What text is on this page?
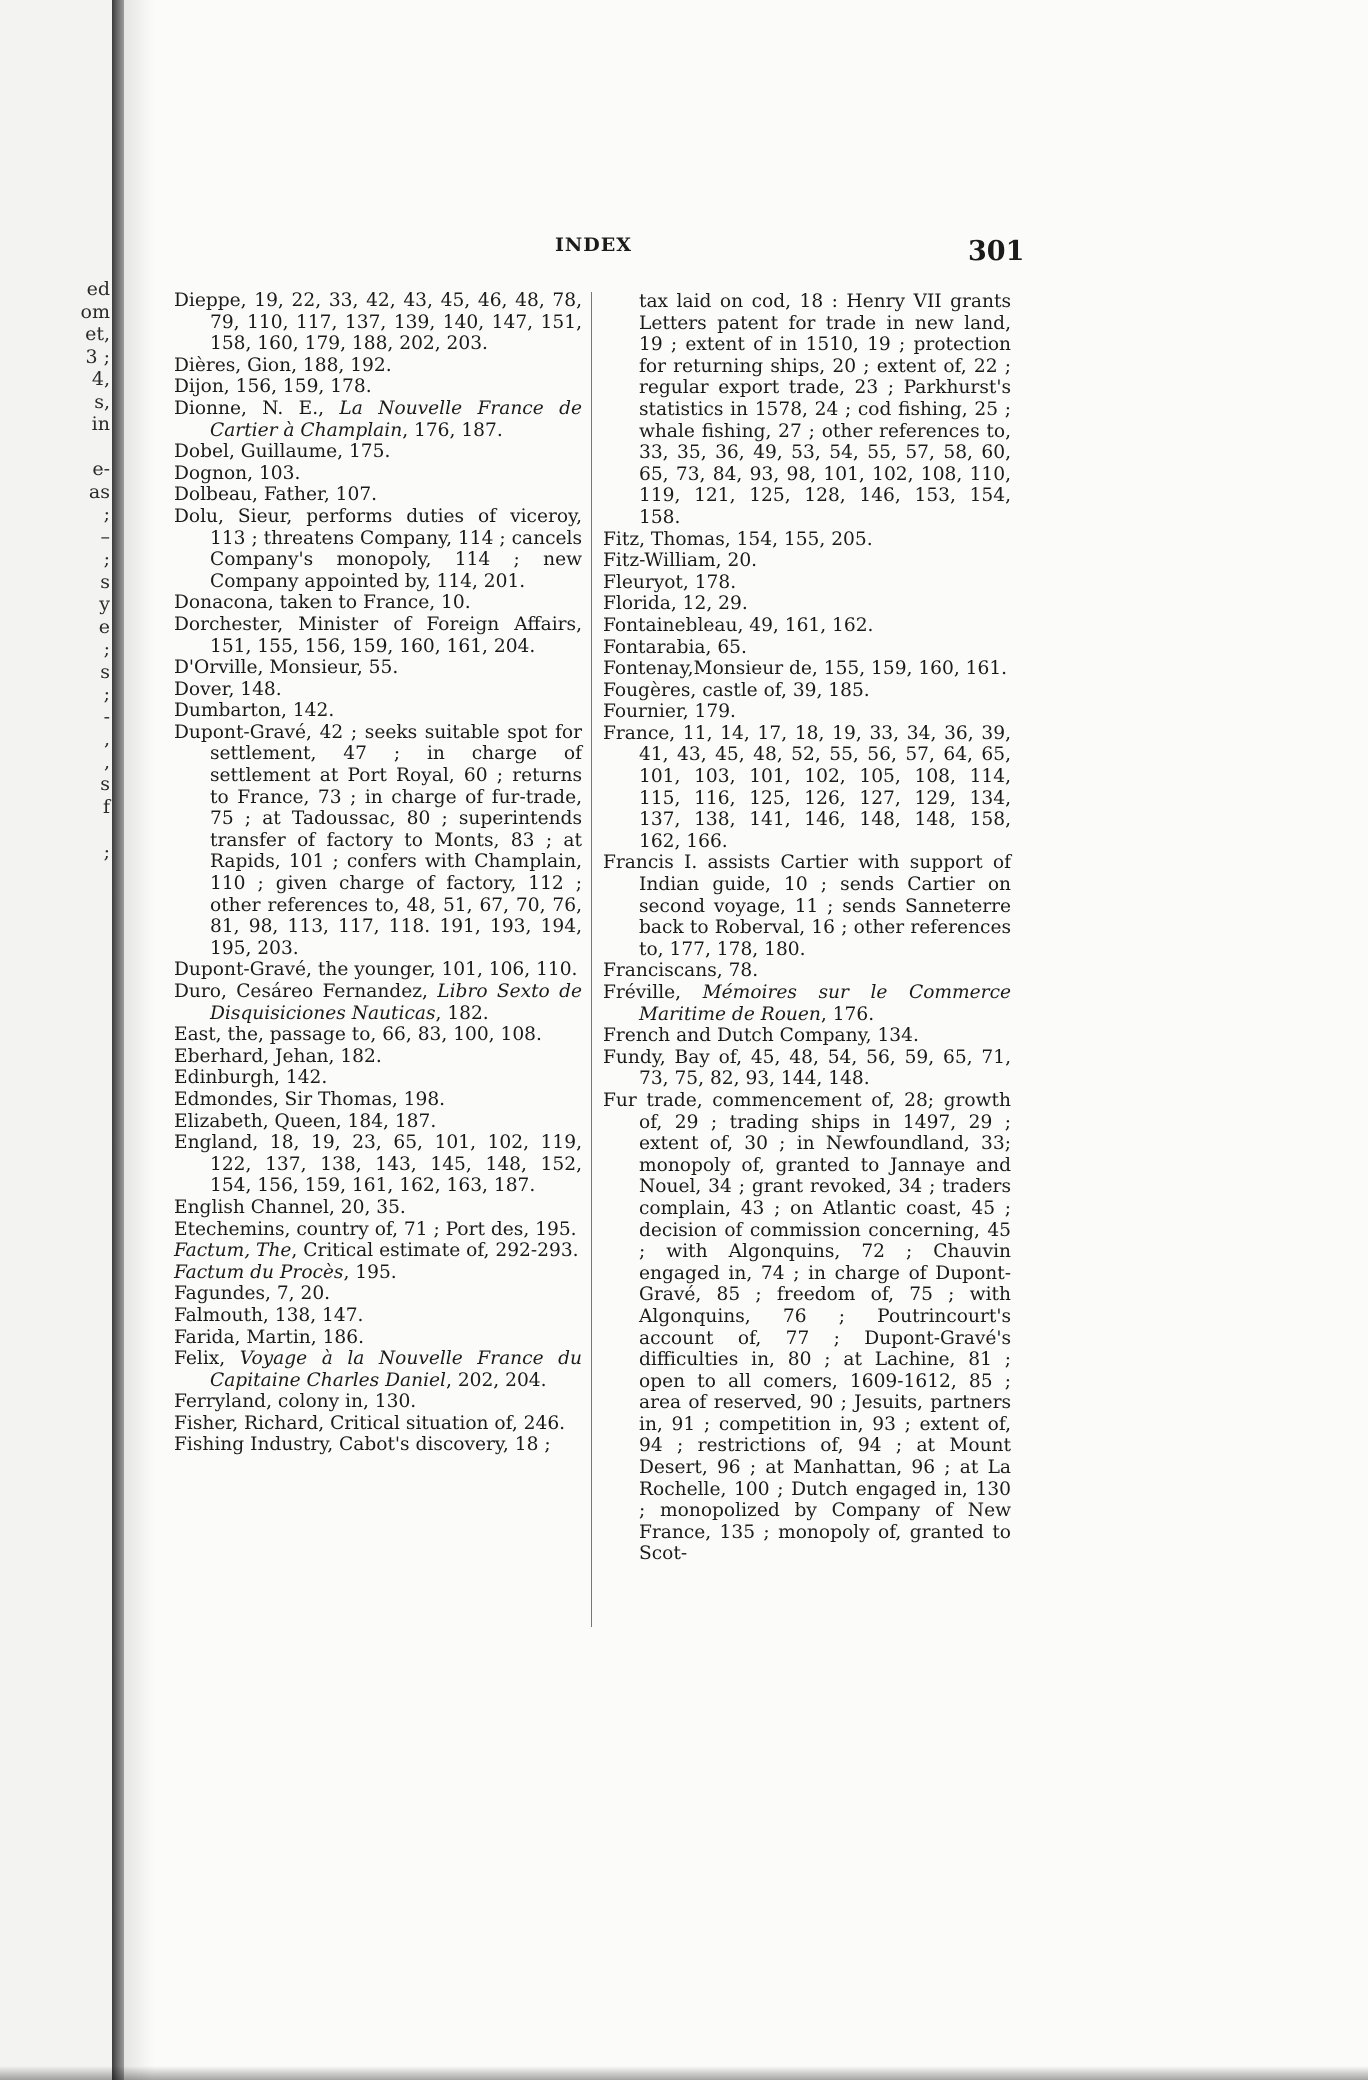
ed
om
et,
3 ;
4,
s,
in
e-
as
;
–
;
s
y
e
;
s
;
-
,
,
s
f
;
INDEX	301
Dieppe, 19, 22, 33, 42, 43, 45, 46, 48, 78, 79, 110, 117, 137, 139, 140, 147, 151, 158, 160, 179, 188, 202, 203.
Dières, Gion, 188, 192.
Dijon, 156, 159, 178.
Dionne, N. E., La Nouvelle France de Cartier à Champlain, 176, 187.
Dobel, Guillaume, 175.
Dognon, 103.
Dolbeau, Father, 107.
Dolu, Sieur, performs duties of viceroy, 113 ; threatens Company, 114 ; cancels Company's monopoly, 114 ; new Company appointed by, 114, 201.
Donacona, taken to France, 10.
Dorchester, Minister of Foreign Affairs, 151, 155, 156, 159, 160, 161, 204.
D'Orville, Monsieur, 55.
Dover, 148.
Dumbarton, 142.
Dupont-Gravé, 42 ; seeks suitable spot for settlement, 47 ; in charge of settlement at Port Royal, 60 ; returns to France, 73 ; in charge of fur-trade, 75 ; at Tadoussac, 80 ; superintends transfer of factory to Monts, 83 ; at Rapids, 101 ; confers with Champlain, 110 ; given charge of factory, 112 ; other references to, 48, 51, 67, 70, 76, 81, 98, 113, 117, 118. 191, 193, 194, 195, 203.
Dupont-Gravé, the younger, 101, 106, 110.
Duro, Cesáreo Fernandez, Libro Sexto de Disquisiciones Nauticas, 182.
East, the, passage to, 66, 83, 100, 108.
Eberhard, Jehan, 182.
Edinburgh, 142.
Edmondes, Sir Thomas, 198.
Elizabeth, Queen, 184, 187.
England, 18, 19, 23, 65, 101, 102, 119, 122, 137, 138, 143, 145, 148, 152, 154, 156, 159, 161, 162, 163, 187.
English Channel, 20, 35.
Etechemins, country of, 71 ; Port des, 195.
Factum, The, Critical estimate of, 292-293.
Factum du Procès, 195.
Fagundes, 7, 20.
Falmouth, 138, 147.
Farida, Martin, 186.
Felix, Voyage à la Nouvelle France du Capitaine Charles Daniel, 202, 204.
Ferryland, colony in, 130.
Fisher, Richard, Critical situation of, 246.
Fishing Industry, Cabot's discovery, 18 ;
tax laid on cod, 18 : Henry VII grants Letters patent for trade in new land, 19 ; extent of in 1510, 19 ; protection for returning ships, 20 ; extent of, 22 ; regular export trade, 23 ; Parkhurst's statistics in 1578, 24 ; cod fishing, 25 ; whale fishing, 27 ; other references to, 33, 35, 36, 49, 53, 54, 55, 57, 58, 60, 65, 73, 84, 93, 98, 101, 102, 108, 110, 119, 121, 125, 128, 146, 153, 154, 158.
Fitz, Thomas, 154, 155, 205.
Fitz-William, 20.
Fleuryot, 178.
Florida, 12, 29.
Fontainebleau, 49, 161, 162.
Fontarabia, 65.
Fontenay,Monsieur de, 155, 159, 160, 161.
Fougères, castle of, 39, 185.
Fournier, 179.
France, 11, 14, 17, 18, 19, 33, 34, 36, 39, 41, 43, 45, 48, 52, 55, 56, 57, 64, 65, 101, 103, 101, 102, 105, 108, 114, 115, 116, 125, 126, 127, 129, 134, 137, 138, 141, 146, 148, 148, 158, 162, 166.
Francis I. assists Cartier with support of Indian guide, 10 ; sends Cartier on second voyage, 11 ; sends Sanneterre back to Roberval, 16 ; other references to, 177, 178, 180.
Franciscans, 78.
Fréville, Mémoires sur le Commerce Maritime de Rouen, 176.
French and Dutch Company, 134.
Fundy, Bay of, 45, 48, 54, 56, 59, 65, 71, 73, 75, 82, 93, 144, 148.
Fur trade, commencement of, 28; growth of, 29 ; trading ships in 1497, 29 ; extent of, 30 ; in Newfoundland, 33; monopoly of, granted to Jannaye and Nouel, 34 ; grant revoked, 34 ; traders complain, 43 ; on Atlantic coast, 45 ; decision of commission concerning, 45 ; with Algonquins, 72 ; Chauvin engaged in, 74 ; in charge of Dupont-Gravé, 85 ; freedom of, 75 ; with Algonquins, 76 ; Poutrincourt's account of, 77 ; Dupont-Gravé's difficulties in, 80 ; at Lachine, 81 ; open to all comers, 1609-1612, 85 ; area of reserved, 90 ; Jesuits, partners in, 91 ; competition in, 93 ; extent of, 94 ; restrictions of, 94 ; at Mount Desert, 96 ; at Manhattan, 96 ; at La Rochelle, 100 ; Dutch engaged in, 130 ; monopolized by Company of New France, 135 ; monopoly of, granted to Scot-
